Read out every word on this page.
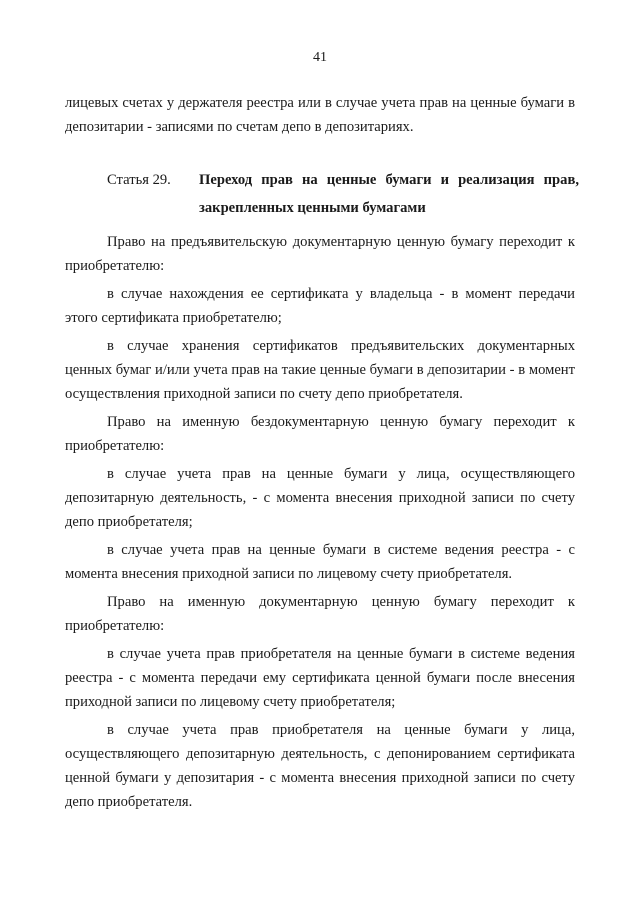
41
лицевых счетах у держателя реестра или в случае учета прав на ценные бумаги в депозитарии - записями по счетам депо в депозитариях.
Статья 29. Переход прав на ценные бумаги и реализация прав, закрепленных ценными бумагами

Право на предъявительскую документарную ценную бумагу переходит к приобретателю:

в случае нахождения ее сертификата у владельца - в момент передачи этого сертификата приобретателю;

в случае хранения сертификатов предъявительских документарных ценных бумаг и/или учета прав на такие ценные бумаги в депозитарии - в момент осуществления приходной записи по счету депо приобретателя.

Право на именную бездокументарную ценную бумагу переходит к приобретателю:

в случае учета прав на ценные бумаги у лица, осуществляющего депозитарную деятельность, - с момента внесения приходной записи по счету депо приобретателя;

в случае учета прав на ценные бумаги в системе ведения реестра - с момента внесения приходной записи по лицевому счету приобретателя.

Право на именную документарную ценную бумагу переходит к приобретателю:

в случае учета прав приобретателя на ценные бумаги в системе ведения реестра - с момента передачи ему сертификата ценной бумаги после внесения приходной записи по лицевому счету приобретателя;

в случае учета прав приобретателя на ценные бумаги у лица, осуществляющего депозитарную деятельность, с депонированием сертификата ценной бумаги у депозитария - с момента внесения приходной записи по счету депо приобретателя.
